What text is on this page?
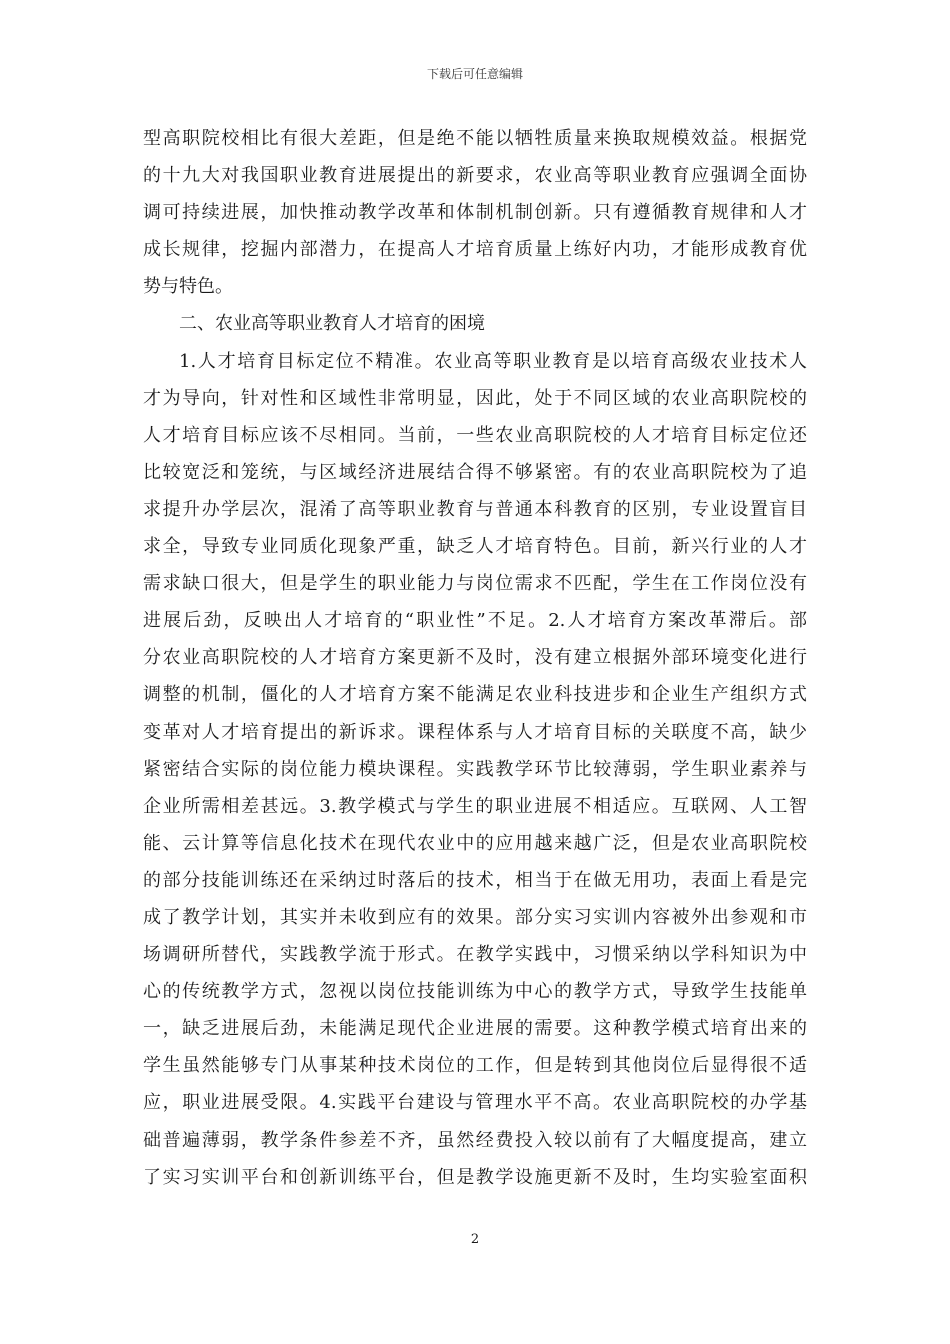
下载后可任意编辑
型高职院校相比有很大差距，但是绝不能以牺牲质量来换取规模效益。根据党
的十九大对我国职业教育进展提出的新要求，农业高等职业教育应强调全面协
调可持续进展，加快推动教学改革和体制机制创新。只有遵循教育规律和人才
成长规律，挖掘内部潜力，在提高人才培育质量上练好内功，才能形成教育优
势与特色。
二、农业高等职业教育人才培育的困境
1.人才培育目标定位不精准。农业高等职业教育是以培育高级农业技术人
才为导向，针对性和区域性非常明显，因此，处于不同区域的农业高职院校的
人才培育目标应该不尽相同。当前，一些农业高职院校的人才培育目标定位还
比较宽泛和笼统，与区域经济进展结合得不够紧密。有的农业高职院校为了追
求提升办学层次，混淆了高等职业教育与普通本科教育的区别，专业设置盲目
求全，导致专业同质化现象严重，缺乏人才培育特色。目前，新兴行业的人才
需求缺口很大，但是学生的职业能力与岗位需求不匹配，学生在工作岗位没有
进展后劲，反映出人才培育的“职业性”不足。2.人才培育方案改革滞后。部
分农业高职院校的人才培育方案更新不及时，没有建立根据外部环境变化进行
调整的机制，僵化的人才培育方案不能满足农业科技进步和企业生产组织方式
变革对人才培育提出的新诉求。课程体系与人才培育目标的关联度不高，缺少
紧密结合实际的岗位能力模块课程。实践教学环节比较薄弱，学生职业素养与
企业所需相差甚远。3.教学模式与学生的职业进展不相适应。互联网、人工智
能、云计算等信息化技术在现代农业中的应用越来越广泛，但是农业高职院校
的部分技能训练还在采纳过时落后的技术，相当于在做无用功，表面上看是完
成了教学计划，其实并未收到应有的效果。部分实习实训内容被外出参观和市
场调研所替代，实践教学流于形式。在教学实践中，习惯采纳以学科知识为中
心的传统教学方式，忽视以岗位技能训练为中心的教学方式，导致学生技能单
一，缺乏进展后劲，未能满足现代企业进展的需要。这种教学模式培育出来的
学生虽然能够专门从事某种技术岗位的工作，但是转到其他岗位后显得很不适
应，职业进展受限。4.实践平台建设与管理水平不高。农业高职院校的办学基
础普遍薄弱，教学条件参差不齐，虽然经费投入较以前有了大幅度提高，建立
了实习实训平台和创新训练平台，但是教学设施更新不及时，生均实验室面积
2
